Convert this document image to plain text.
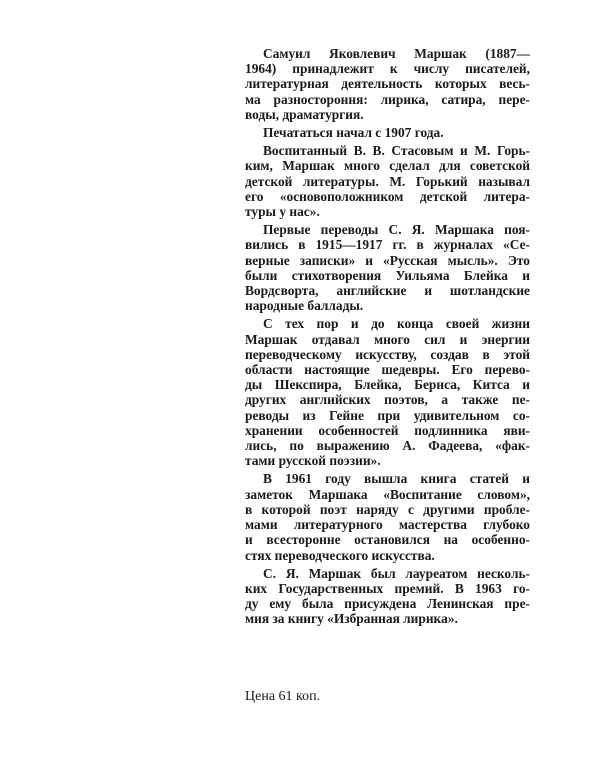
Самуил Яковлевич Маршак (1887—
1964) принадлежит к числу писателей,
литературная деятельность которых весь-
ма разностороння: лирика, сатира, пере-
воды, драматургия.
Печататься начал с 1907 года.
Воспитанный В. В. Стасовым и М. Горь-
ким, Маршак много сделал для советской
детской литературы. М. Горький называл
его «основоположником детской литера-
туры у нас».
Первые переводы С. Я. Маршака поя-
вились в 1915—1917 гг. в журналах «Се-
верные записки» и «Русская мысль». Это
были стихотворения Уильяма Блейка и
Вордсворта, английские и шотландские
народные баллады.
С тех пор и до конца своей жизни
Маршак отдавал много сил и энергии
переводческому искусству, создав в этой
области настоящие шедевры. Его перево-
ды Шекспира, Блейка, Бернса, Китса и
других английских поэтов, а также пе-
реводы из Гейне при удивительном со-
хранении особенностей подлинника яви-
лись, по выражению А. Фадеева, «фак-
тами русской поэзии».
В 1961 году вышла книга статей и
заметок Маршака «Воспитание словом»,
в которой поэт наряду с другими пробле-
мами литературного мастерства глубоко
и всесторонне остановился на особенно-
стях переводческого искусства.
С. Я. Маршак был лауреатом несколь-
ких Государственных премий. В 1963 го-
ду ему была присуждена Ленинская пре-
мия за книгу «Избранная лирика».
Цена 61 коп.
